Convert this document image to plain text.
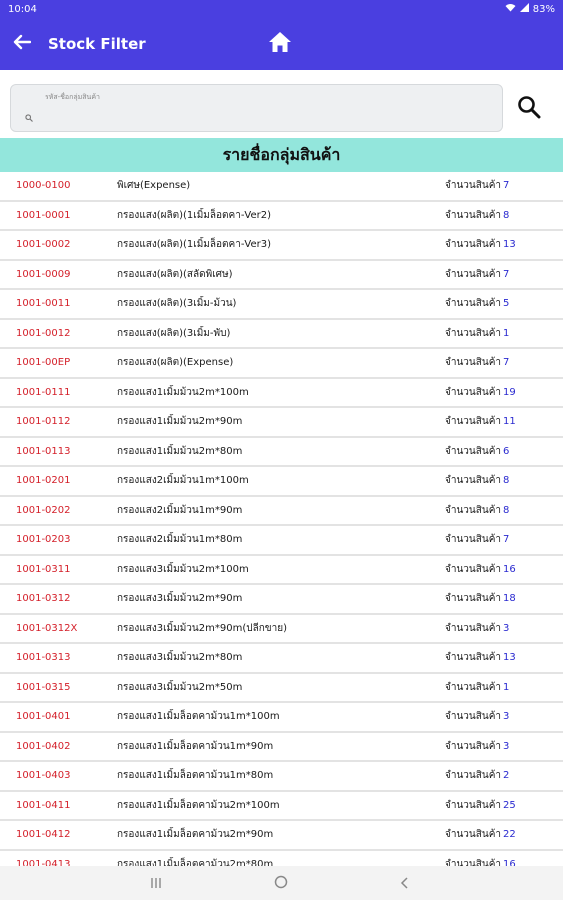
10:04	83%
Stock Filter
รหัส-ชื่อกลุ่มสินค้า
รายชื่อกลุ่มสินค้า
1000-0100	พิเศษ(Expense)	จำนวนสินค้า 7
1001-0001	กรองแสง(ผลิต)(1เมิ้มล็อตคา-Ver2)	จำนวนสินค้า 8
1001-0002	กรองแสง(ผลิต)(1เมิ้มล็อตคา-Ver3)	จำนวนสินค้า 13
1001-0009	กรองแสง(ผลิต)(สลัดพิเศษ)	จำนวนสินค้า 7
1001-0011	กรองแสง(ผลิต)(3เมิ้ม-ม้วน)	จำนวนสินค้า 5
1001-0012	กรองแสง(ผลิต)(3เมิ้ม-พับ)	จำนวนสินค้า 1
1001-00EP	กรองแสง(ผลิต)(Expense)	จำนวนสินค้า 7
1001-0111	กรองแสง1เมิ้มม้วน2m*100m	จำนวนสินค้า 19
1001-0112	กรองแสง1เมิ้มม้วน2m*90m	จำนวนสินค้า 11
1001-0113	กรองแสง1เมิ้มม้วน2m*80m	จำนวนสินค้า 6
1001-0201	กรองแสง2เมิ้มม้วน1m*100m	จำนวนสินค้า 8
1001-0202	กรองแสง2เมิ้มม้วน1m*90m	จำนวนสินค้า 8
1001-0203	กรองแสง2เมิ้มม้วน1m*80m	จำนวนสินค้า 7
1001-0311	กรองแสง3เมิ้มม้วน2m*100m	จำนวนสินค้า 16
1001-0312	กรองแสง3เมิ้มม้วน2m*90m	จำนวนสินค้า 18
1001-0312X	กรองแสง3เมิ้มม้วน2m*90m(ปลีกขาย)	จำนวนสินค้า 3
1001-0313	กรองแสง3เมิ้มม้วน2m*80m	จำนวนสินค้า 13
1001-0315	กรองแสง3เมิ้มม้วน2m*50m	จำนวนสินค้า 1
1001-0401	กรองแสง1เมิ้มล็อตคาม้วน1m*100m	จำนวนสินค้า 3
1001-0402	กรองแสง1เมิ้มล็อตคาม้วน1m*90m	จำนวนสินค้า 3
1001-0403	กรองแสง1เมิ้มล็อตคาม้วน1m*80m	จำนวนสินค้า 2
1001-0411	กรองแสง1เมิ้มล็อตคาม้วน2m*100m	จำนวนสินค้า 25
1001-0412	กรองแสง1เมิ้มล็อตคาม้วน2m*90m	จำนวนสินค้า 22
1001-0413	กรองแสง1เมิ้มล็อตคาม้วน2m*80m	จำนวนสินค้า 16
